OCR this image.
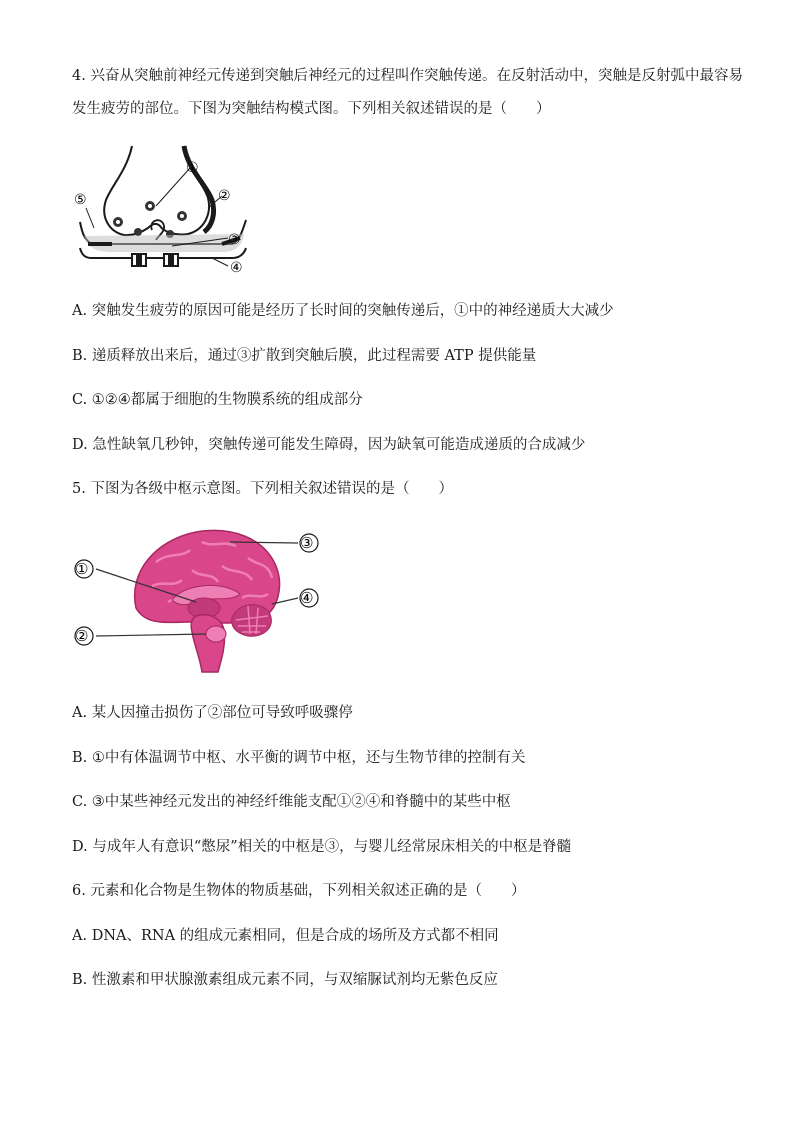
4. 兴奋从突触前神经元传递到突触后神经元的过程叫作突触传递。在反射活动中，突触是反射弧中最容易
发生疲劳的部位。下图为突触结构模式图。下列相关叙述错误的是（　　）
①
②
③
④
⑤
A. 突触发生疲劳的原因可能是经历了长时间的突触传递后，①中的神经递质大大减少
B. 递质释放出来后，通过③扩散到突触后膜，此过程需要 ATP 提供能量
C. ①②④都属于细胞的生物膜系统的组成部分
D. 急性缺氧几秒钟，突触传递可能发生障碍，因为缺氧可能造成递质的合成减少
5. 下图为各级中枢示意图。下列相关叙述错误的是（　　）
①
②
③
④
A. 某人因撞击损伤了②部位可导致呼吸骤停
B. ①中有体温调节中枢、水平衡的调节中枢，还与生物节律的控制有关
C. ③中某些神经元发出的神经纤维能支配①②④和脊髓中的某些中枢
D. 与成年人有意识“憋尿”相关的中枢是③，与婴儿经常尿床相关的中枢是脊髓
6. 元素和化合物是生物体的物质基础，下列相关叙述正确的是（　　）
A. DNA、RNA 的组成元素相同，但是合成的场所及方式都不相同
B. 性激素和甲状腺激素组成元素不同，与双缩脲试剂均无紫色反应
